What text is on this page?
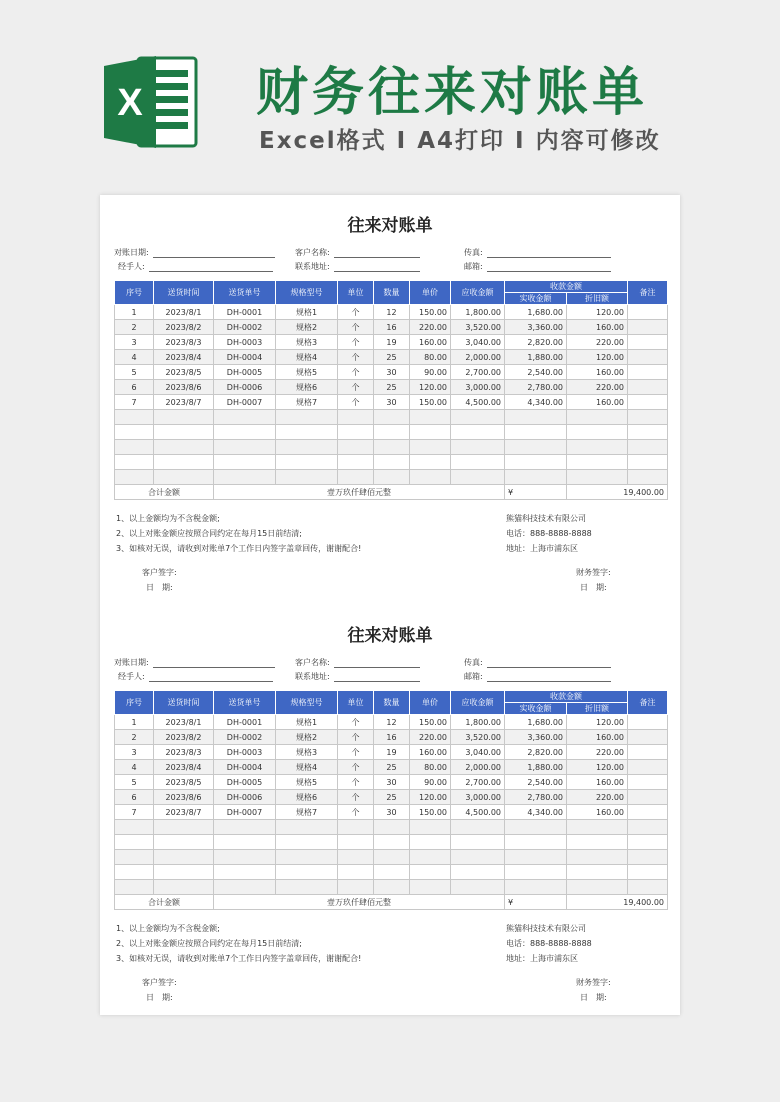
X 财务往来对账单
Excel格式 I A4打印 I 内容可修改
往来对账单
对账日期:
经手人:
客户名称:
联系地址:
传真:
邮箱:
序号	送货时间	送货单号	规格型号	单位	数量	单价	应收金额	收款金额		备注
								实收金额	折旧额	
1	2023/8/1	DH-0001	规格1	个	12	150.00	1,800.00	1,680.00	120.00	
2	2023/8/2	DH-0002	规格2	个	16	220.00	3,520.00	3,360.00	160.00	
3	2023/8/3	DH-0003	规格3	个	19	160.00	3,040.00	2,820.00	220.00	
4	2023/8/4	DH-0004	规格4	个	25	80.00	2,000.00	1,880.00	120.00	
5	2023/8/5	DH-0005	规格5	个	30	90.00	2,700.00	2,540.00	160.00	
6	2023/8/6	DH-0006	规格6	个	25	120.00	3,000.00	2,780.00	220.00	
7	2023/8/7	DH-0007	规格7	个	30	150.00	4,500.00	4,340.00	160.00	

合计金额		壹万玖仟肆佰元整						¥	19,400.00	
1、以上金额均为不含税金额;
2、以上对账金额应按照合同约定在每月15日前结清;
3、如核对无误，请收到对账单7个工作日内签字盖章回传，谢谢配合!
熊猫科技技术有限公司
电话：888-8888-8888
地址：上海市浦东区
客户签字:
日　期:
财务签字:
日　期:
往来对账单
对账日期:
经手人:
客户名称:
联系地址:
传真:
邮箱:
序号	送货时间	送货单号	规格型号	单位	数量	单价	应收金额	收款金额		备注
								实收金额	折旧额	
1	2023/8/1	DH-0001	规格1	个	12	150.00	1,800.00	1,680.00	120.00	
2	2023/8/2	DH-0002	规格2	个	16	220.00	3,520.00	3,360.00	160.00	
3	2023/8/3	DH-0003	规格3	个	19	160.00	3,040.00	2,820.00	220.00	
4	2023/8/4	DH-0004	规格4	个	25	80.00	2,000.00	1,880.00	120.00	
5	2023/8/5	DH-0005	规格5	个	30	90.00	2,700.00	2,540.00	160.00	
6	2023/8/6	DH-0006	规格6	个	25	120.00	3,000.00	2,780.00	220.00	
7	2023/8/7	DH-0007	规格7	个	30	150.00	4,500.00	4,340.00	160.00	

合计金额		壹万玖仟肆佰元整						¥	19,400.00	
1、以上金额均为不含税金额;
2、以上对账金额应按照合同约定在每月15日前结清;
3、如核对无误，请收到对账单7个工作日内签字盖章回传，谢谢配合!
熊猫科技技术有限公司
电话：888-8888-8888
地址：上海市浦东区
客户签字:
日　期:
财务签字:
日　期:
